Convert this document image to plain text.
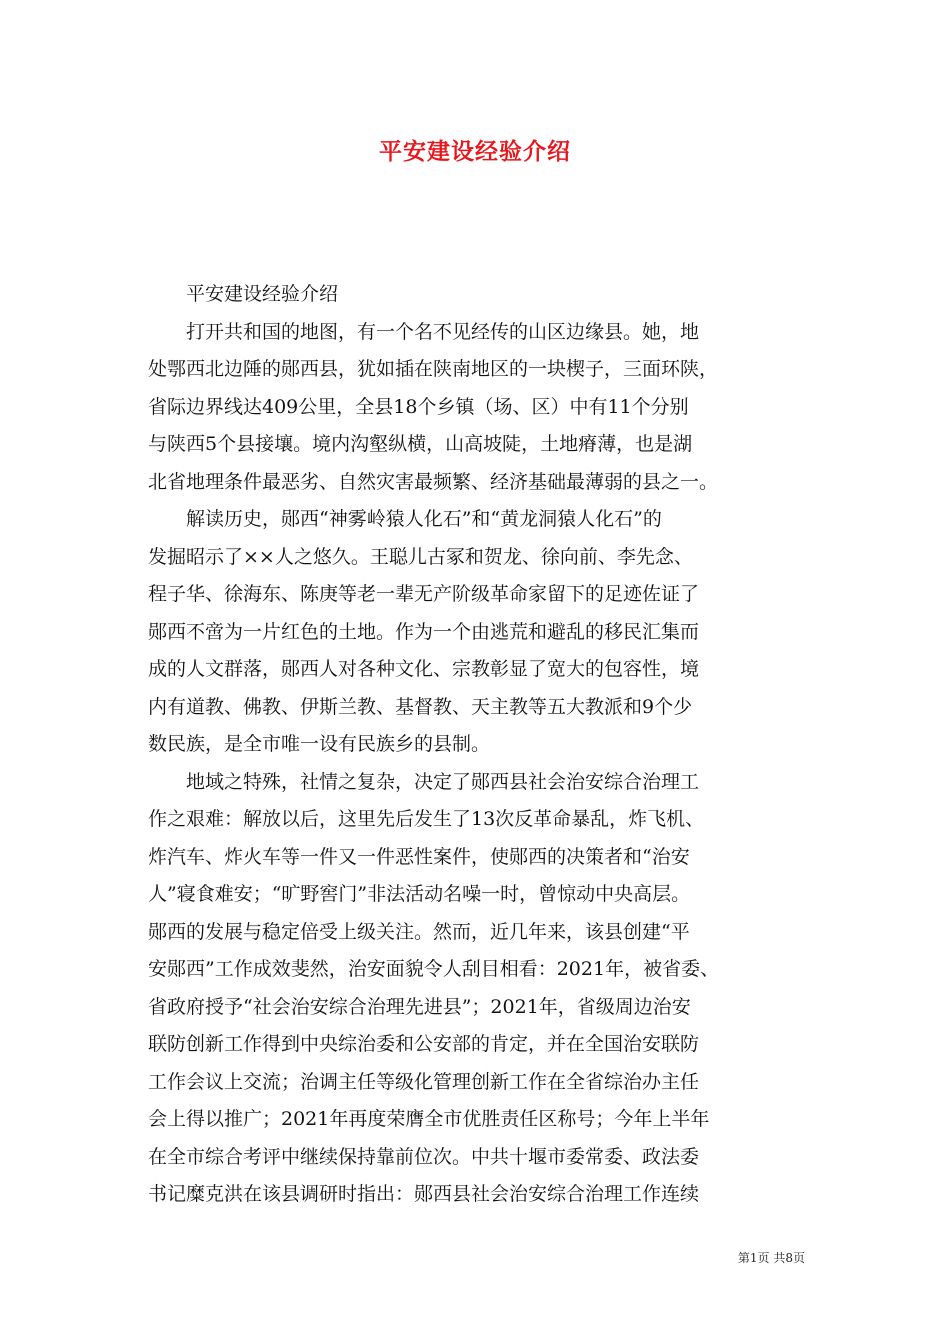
平安建设经验介绍

　　平安建设经验介绍

　　打开共和国的地图，有一个名不见经传的山区边缘县。她，地

处鄂西北边陲的郧西县，犹如插在陕南地区的一块楔子，三面环陕，

省际边界线达409公里，全县18个乡镇（场、区）中有11个分别

与陕西5个县接壤。境内沟壑纵横，山高坡陡，土地瘠薄，也是湖

北省地理条件最恶劣、自然灾害最频繁、经济基础最薄弱的县之一。

　　解读历史，郧西“神雾岭猿人化石”和“黄龙洞猿人化石”的

发掘昭示了××人之悠久。王聪儿古冢和贺龙、徐向前、李先念、

程子华、徐海东、陈庚等老一辈无产阶级革命家留下的足迹佐证了

郧西不啻为一片红色的土地。作为一个由逃荒和避乱的移民汇集而

成的人文群落，郧西人对各种文化、宗教彰显了宽大的包容性，境

内有道教、佛教、伊斯兰教、基督教、天主教等五大教派和9个少

数民族，是全市唯一设有民族乡的县制。

　　地域之特殊，社情之复杂，决定了郧西县社会治安综合治理工

作之艰难：解放以后，这里先后发生了13次反革命暴乱，炸飞机、

炸汽车、炸火车等一件又一件恶性案件，使郧西的决策者和“治安

人”寝食难安；“旷野窖门”非法活动名噪一时，曾惊动中央高层。

郧西的发展与稳定倍受上级关注。然而，近几年来，该县创建“平

安郧西”工作成效斐然，治安面貌令人刮目相看：2021年，被省委、

省政府授予“社会治安综合治理先进县”；2021年，省级周边治安

联防创新工作得到中央综治委和公安部的肯定，并在全国治安联防

工作会议上交流；治调主任等级化管理创新工作在全省综治办主任

会上得以推广；2021年再度荣膺全市优胜责任区称号；今年上半年

在全市综合考评中继续保持靠前位次。中共十堰市委常委、政法委

书记糜克洪在该县调研时指出：郧西县社会治安综合治理工作连续

第1页 共8页
